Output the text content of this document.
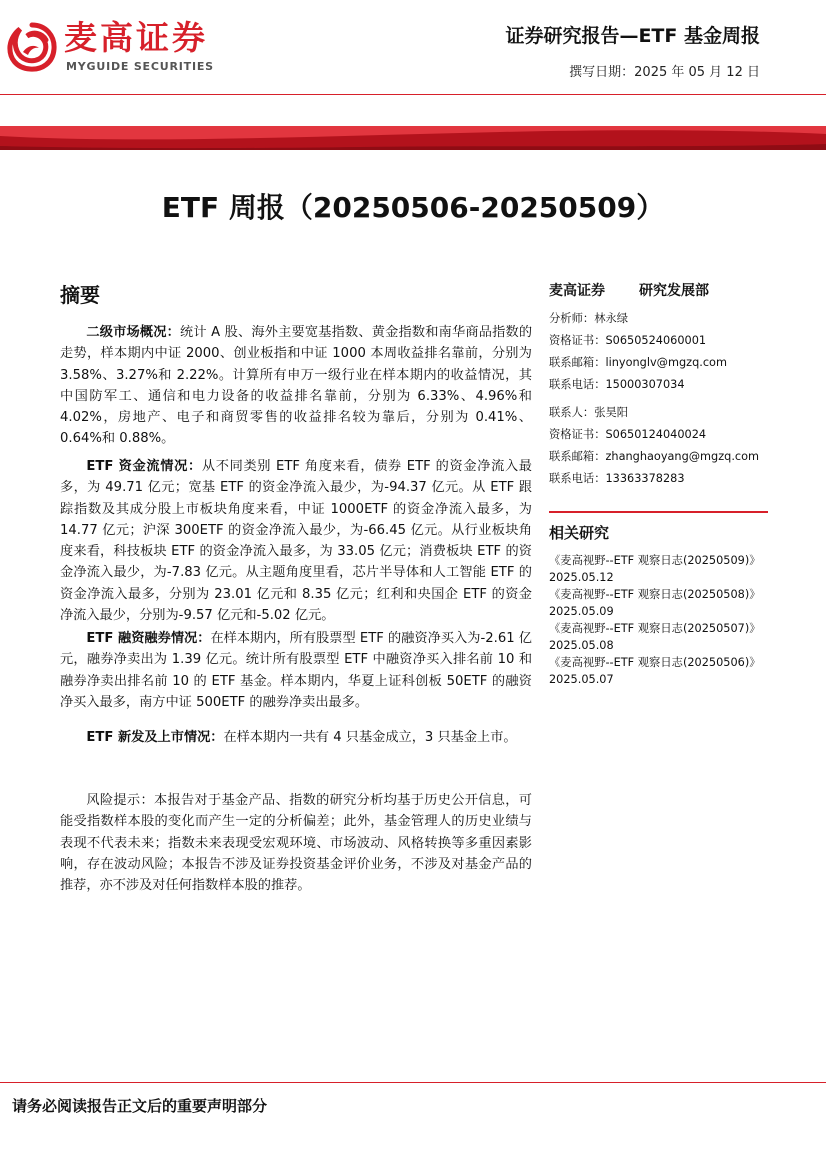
麦高证券
MYGUIDE SECURITIES
证券研究报告—ETF 基金周报
撰写日期：2025 年 05 月 12 日
ETF 周报（20250506-20250509）
摘要
二级市场概况：统计 A 股、海外主要宽基指数、黄金指数和南华商品指数的走势，样本期内中证 2000、创业板指和中证 1000 本周收益排名靠前，分别为 3.58%、3.27%和 2.22%。计算所有申万一级行业在样本期内的收益情况，其中国防军工、通信和电力设备的收益排名靠前，分别为 6.33%、4.96%和 4.02%，房地产、电子和商贸零售的收益排名较为靠后，分别为 0.41%、0.64%和 0.88%。
ETF 资金流情况：从不同类别 ETF 角度来看，债券 ETF 的资金净流入最多，为 49.71 亿元；宽基 ETF 的资金净流入最少，为-94.37 亿元。从 ETF 跟踪指数及其成分股上市板块角度来看，中证 1000ETF 的资金净流入最多，为 14.77 亿元；沪深 300ETF 的资金净流入最少，为-66.45 亿元。从行业板块角度来看，科技板块 ETF 的资金净流入最多，为 33.05 亿元；消费板块 ETF 的资金净流入最少，为-7.83 亿元。从主题角度里看，芯片半导体和人工智能 ETF 的资金净流入最多，分别为 23.01 亿元和 8.35 亿元；红利和央国企 ETF 的资金净流入最少，分别为-9.57 亿元和-5.02 亿元。
ETF 融资融券情况：在样本期内，所有股票型 ETF 的融资净买入为-2.61 亿元，融券净卖出为 1.39 亿元。统计所有股票型 ETF 中融资净买入排名前 10 和融券净卖出排名前 10 的 ETF 基金。样本期内，华夏上证科创板 50ETF 的融资净买入最多，南方中证 500ETF 的融券净卖出最多。
ETF 新发及上市情况：在样本期内一共有 4 只基金成立，3 只基金上市。
风险提示：本报告对于基金产品、指数的研究分析均基于历史公开信息，可能受指数样本股的变化而产生一定的分析偏差；此外，基金管理人的历史业绩与表现不代表未来；指数未来表现受宏观环境、市场波动、风格转换等多重因素影响，存在波动风险；本报告不涉及证券投资基金评价业务，不涉及对基金产品的推荐，亦不涉及对任何指数样本股的推荐。
麦高证券 研究发展部
分析师：林永绿
资格证书：S0650524060001
联系邮箱：linyonglv@mgzq.com
联系电话：15000307034
联系人：张昊阳
资格证书：S0650124040024
联系邮箱：zhanghaoyang@mgzq.com
联系电话：13363378283
相关研究
《麦高视野--ETF 观察日志(20250509)》
2025.05.12
《麦高视野--ETF 观察日志(20250508)》
2025.05.09
《麦高视野--ETF 观察日志(20250507)》
2025.05.08
《麦高视野--ETF 观察日志(20250506)》
2025.05.07
请务必阅读报告正文后的重要声明部分
